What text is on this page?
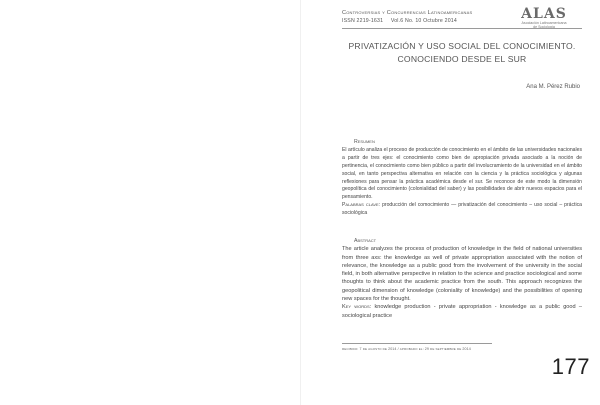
Controversias y Concurrencias Latinoamericanas
ISSN 2219-1631 Vol.6 No. 10 Octubre 2014	ALAS
Asociación Latinoamericana
de Sociología
PRIVATIZACIÓN Y USO SOCIAL DEL CONOCIMIENTO.
CONOCIENDO DESDE EL SUR
Ana M. Pérez Rubio
Resumen

El artículo analiza el proceso de producción de conocimiento en el ámbito de las universidades nacionales a partir de tres ejes: el conocimiento como bien de apropiación privada asociado a la noción de pertinencia, el conocimiento como bien público a partir del involucramiento de la universidad en el ámbito social, en tanto perspectiva alternativa en relación con la ciencia y la práctica sociológica y algunas reflexiones para pensar la práctica académica desde el sur. Se reconoce de este modo la dimensión geopolítica del conocimiento (colonialidad del saber) y las posibilidades de abrir nuevos espacios para el pensamiento.

Palabras clave: producción del comocimiento — privatización del conocimiento – uso social – práctica sociológica

Abstract

The article analyzes the process of production of knowledge in the field of national universities from three axs: the knowledge as well of private appropriation associated with the notion of relevance, the knowledge as a public good from the involvement of the university in the social field, in both alternative perspective in relation to the science and practice sociological and some thoughts to think about the academic practice from the south. This approach recognizes the geopolitical dimension of knowledge (coloniality of knowledge) and the possibilities of opening new spaces for the thought.

Key words: knowledge production - private appropriation - knowledge as a public good – sociological practice

recibido: 7 de agosto de 2014 / aprobado el: 29 de septiembre de 2014
177
